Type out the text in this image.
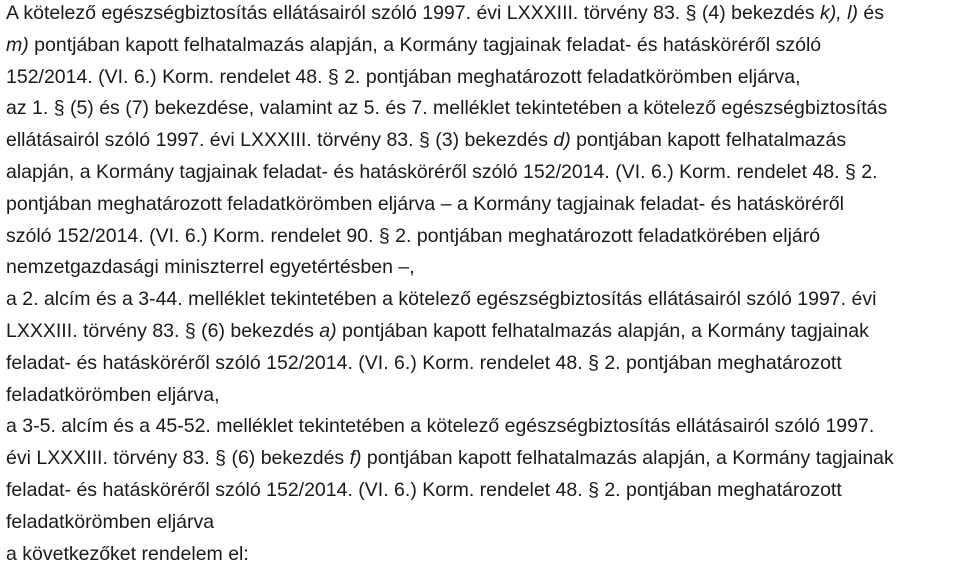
A kötelező egészségbiztosítás ellátásairól szóló 1997. évi LXXXIII. törvény 83. § (4) bekezdés k), l) és
m) pontjában kapott felhatalmazás alapján, a Kormány tagjainak feladat- és hatásköréről szóló
152/2014. (VI. 6.) Korm. rendelet 48. § 2. pontjában meghatározott feladatkörömben eljárva,
az 1. § (5) és (7) bekezdése, valamint az 5. és 7. melléklet tekintetében a kötelező egészségbiztosítás
ellátásairól szóló 1997. évi LXXXIII. törvény 83. § (3) bekezdés d) pontjában kapott felhatalmazás
alapján, a Kormány tagjainak feladat- és hatásköréről szóló 152/2014. (VI. 6.) Korm. rendelet 48. § 2.
pontjában meghatározott feladatkörömben eljárva – a Kormány tagjainak feladat- és hatásköréről
szóló 152/2014. (VI. 6.) Korm. rendelet 90. § 2. pontjában meghatározott feladatkörében eljáró
nemzetgazdasági miniszterrel egyetértésben –,
a 2. alcím és a 3-44. melléklet tekintetében a kötelező egészségbiztosítás ellátásairól szóló 1997. évi
LXXXIII. törvény 83. § (6) bekezdés a) pontjában kapott felhatalmazás alapján, a Kormány tagjainak
feladat- és hatásköréről szóló 152/2014. (VI. 6.) Korm. rendelet 48. § 2. pontjában meghatározott
feladatkörömben eljárva,
a 3-5. alcím és a 45-52. melléklet tekintetében a kötelező egészségbiztosítás ellátásairól szóló 1997.
évi LXXXIII. törvény 83. § (6) bekezdés f) pontjában kapott felhatalmazás alapján, a Kormány tagjainak
feladat- és hatásköréről szóló 152/2014. (VI. 6.) Korm. rendelet 48. § 2. pontjában meghatározott
feladatkörömben eljárva
a következőket rendelem el:
